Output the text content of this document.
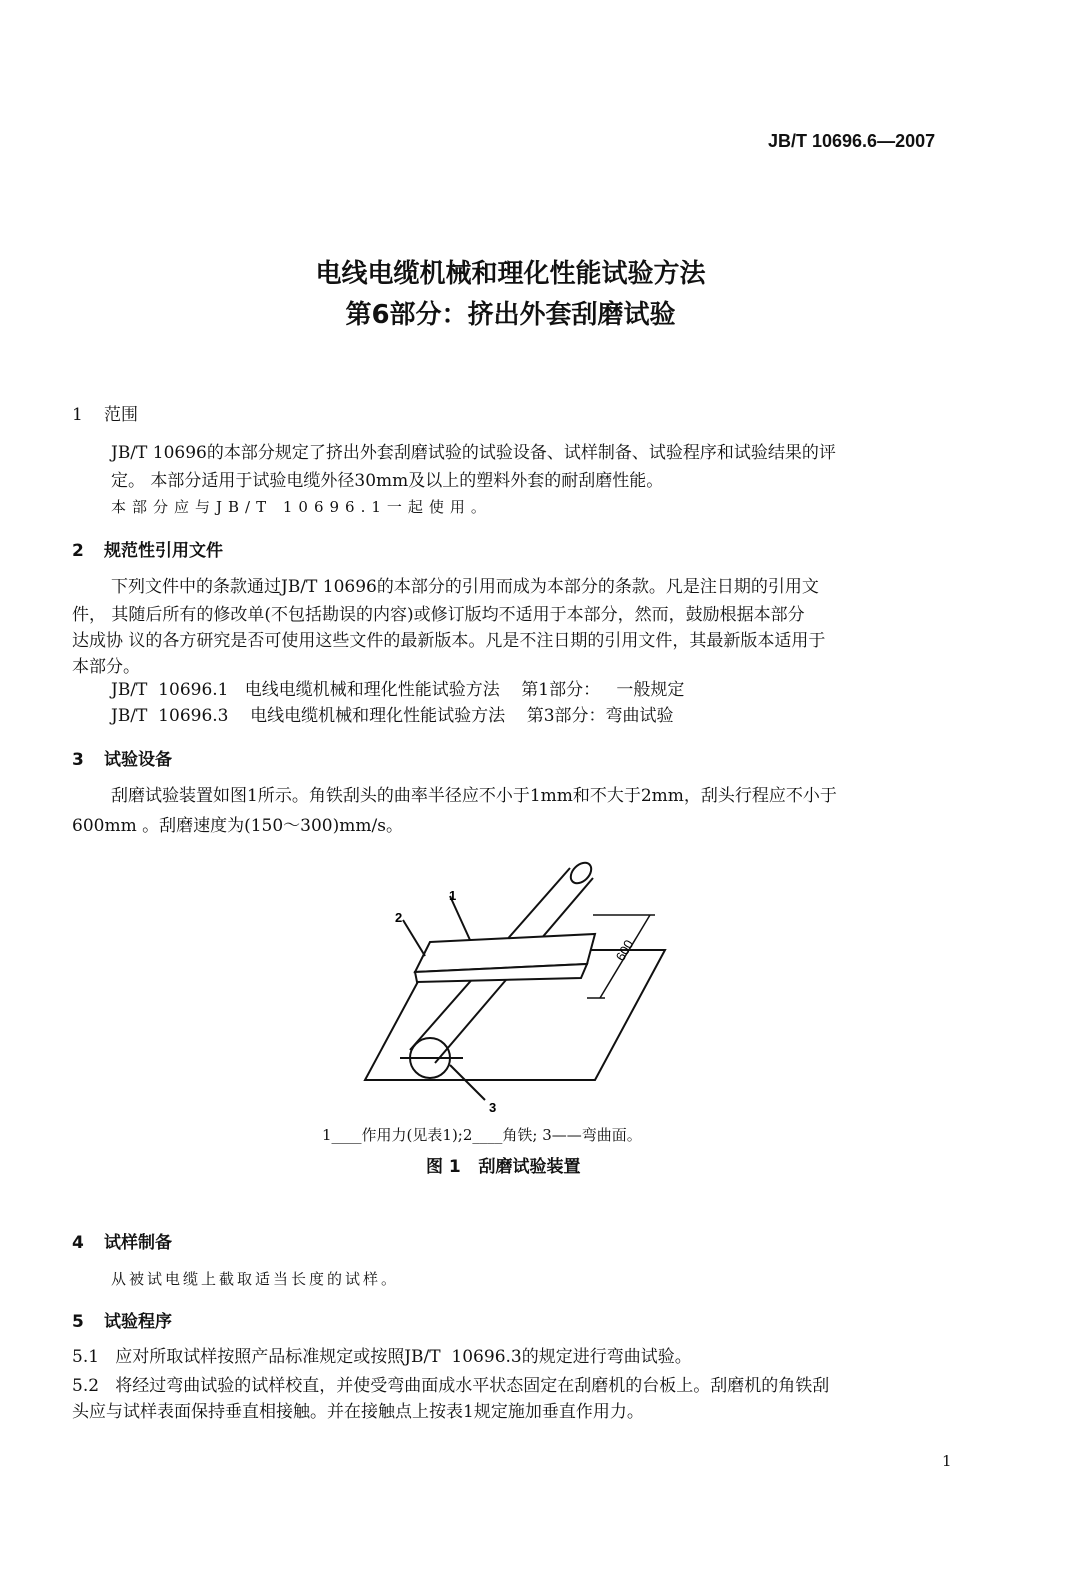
JB/T 10696.6—2007
电线电缆机械和理化性能试验方法
第6部分：挤出外套刮磨试验
1 范围
JB/T 10696的本部分规定了挤出外套刮磨试验的试验设备、试样制备、试验程序和试验结果的评
定。 本部分适用于试验电缆外径30mm及以上的塑料外套的耐刮磨性能。
本部分应与JB/T 10696.1一起使用。
2 规范性引用文件
下列文件中的条款通过JB/T 10696的本部分的引用而成为本部分的条款。凡是注日期的引用文
件， 其随后所有的修改单(不包括勘误的内容)或修订版均不适用于本部分，然而，鼓励根据本部分
达成协 议的各方研究是否可使用这些文件的最新版本。凡是不注日期的引用文件，其最新版本适用于
本部分。
JB/T  10696.1   电线电缆机械和理化性能试验方法    第1部分：   一般规定
JB/T  10696.3    电线电缆机械和理化性能试验方法    第3部分：弯曲试验
3 试验设备
刮磨试验装置如图1所示。角铁刮头的曲率半径应不小于1mm和不大于2mm，刮头行程应不小于
600mm 。刮磨速度为(150～300)mm/s。
2
1
3
600
1____作用力(见表1);2____角铁; 3——弯曲面。
图 1   刮磨试验装置
4 试样制备
从被试电缆上截取适当长度的试样。
5 试验程序
5.1   应对所取试样按照产品标准规定或按照JB/T  10696.3的规定进行弯曲试验。
5.2   将经过弯曲试验的试样校直，并使受弯曲面成水平状态固定在刮磨机的台板上。刮磨机的角铁刮
头应与试样表面保持垂直相接触。并在接触点上按表1规定施加垂直作用力。
1
